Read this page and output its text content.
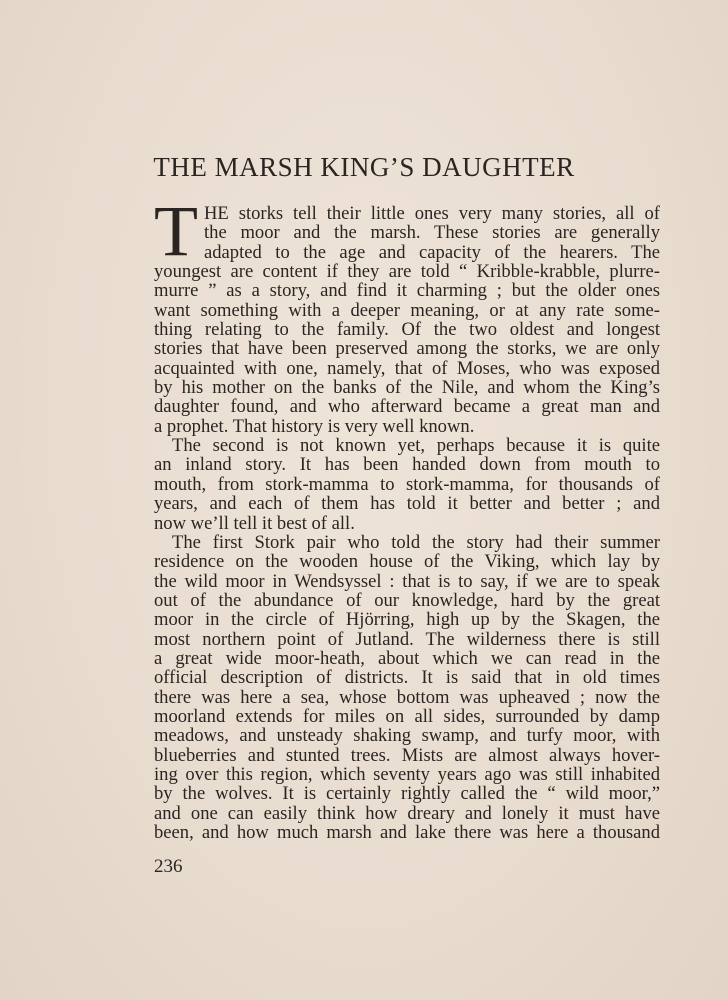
THE MARSH KING’S DAUGHTER
T HE storks tell their little ones very many stories, all of
the moor and the marsh. These stories are generally
adapted to the age and capacity of the hearers. The
youngest are content if they are told “ Kribble-krabble, plurre-
murre ” as a story, and find it charming ; but the older ones
want something with a deeper meaning, or at any rate some-
thing relating to the family. Of the two oldest and longest
stories that have been preserved among the storks, we are only
acquainted with one, namely, that of Moses, who was exposed
by his mother on the banks of the Nile, and whom the King’s
daughter found, and who afterward became a great man and
a prophet. That history is very well known.
The second is not known yet, perhaps because it is quite
an inland story. It has been handed down from mouth to
mouth, from stork-mamma to stork-mamma, for thousands of
years, and each of them has told it better and better ; and
now we’ll tell it best of all.
The first Stork pair who told the story had their summer
residence on the wooden house of the Viking, which lay by
the wild moor in Wendsyssel : that is to say, if we are to speak
out of the abundance of our knowledge, hard by the great
moor in the circle of Hjörring, high up by the Skagen, the
most northern point of Jutland. The wilderness there is still
a great wide moor-heath, about which we can read in the
official description of districts. It is said that in old times
there was here a sea, whose bottom was upheaved ; now the
moorland extends for miles on all sides, surrounded by damp
meadows, and unsteady shaking swamp, and turfy moor, with
blueberries and stunted trees. Mists are almost always hover-
ing over this region, which seventy years ago was still inhabited
by the wolves. It is certainly rightly called the “ wild moor,”
and one can easily think how dreary and lonely it must have
been, and how much marsh and lake there was here a thousand
236
